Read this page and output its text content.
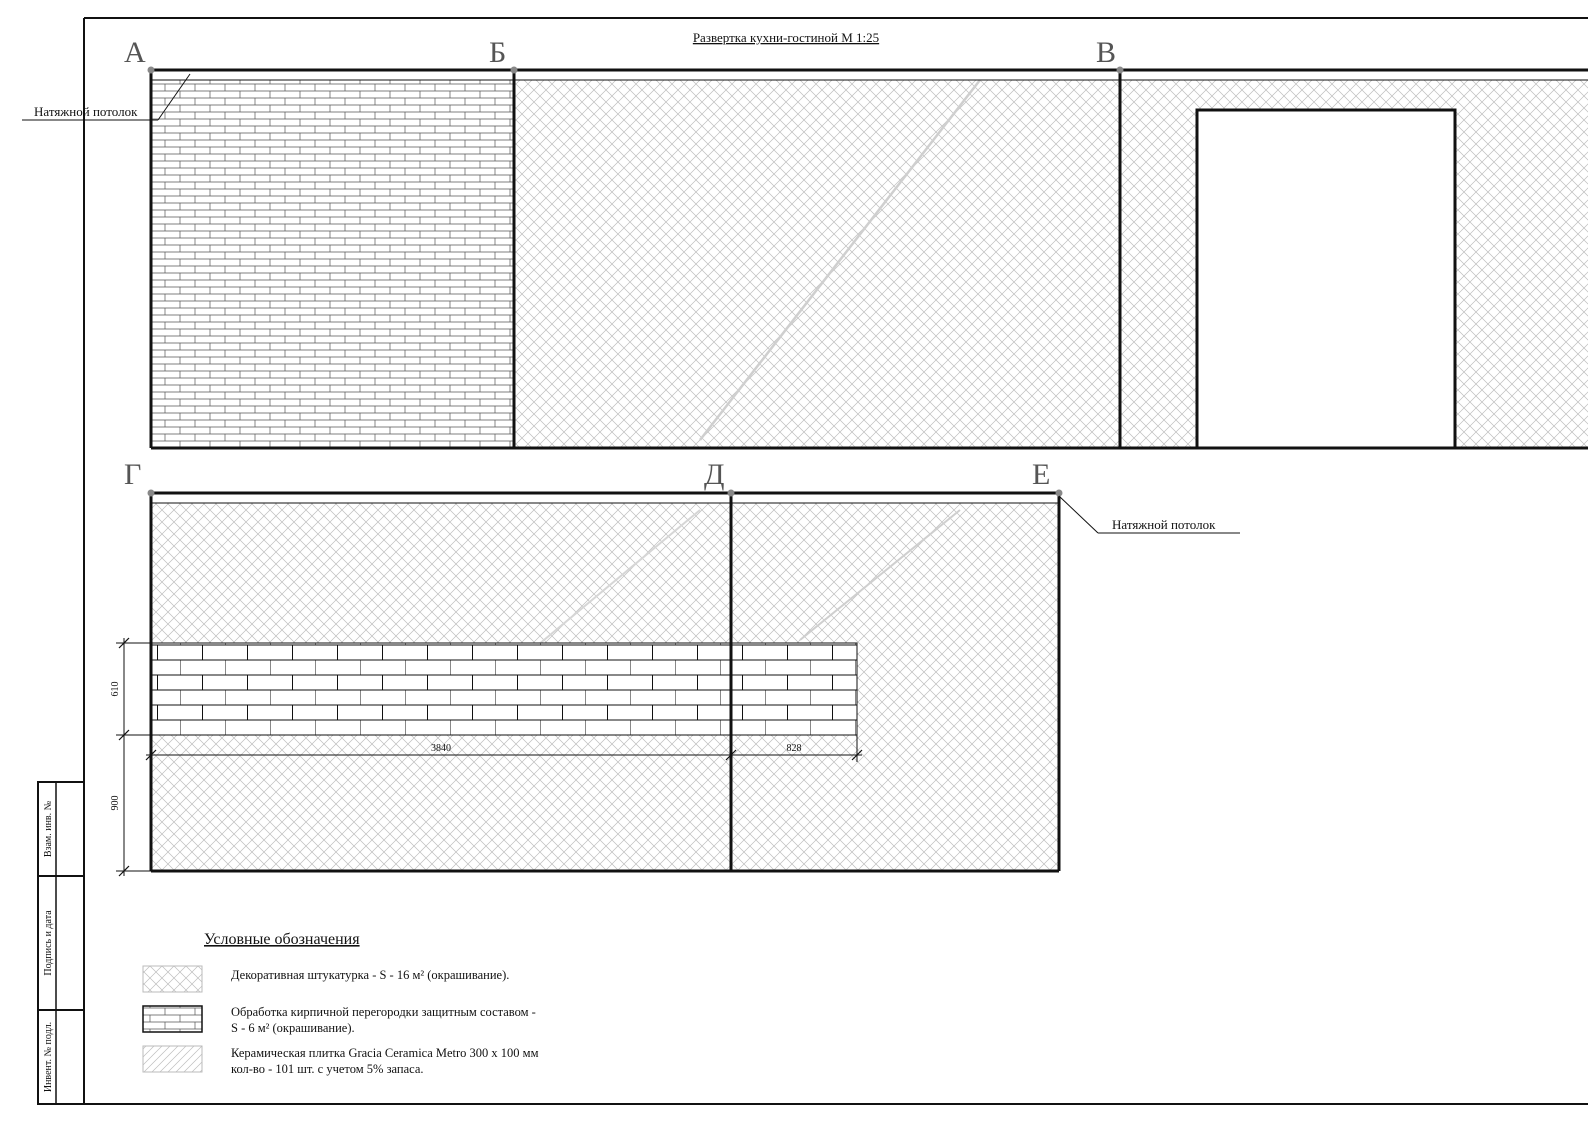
Взам. инв. №
Подпись и дата
Инвент. № подл.
Развертка кухни-гостиной М 1:25
610
900
3840	828
А	Б	В
Г	Д	Е
Натяжной потолок
Натяжной потолок
Условные обозначения
Декоративная штукатурка - S - 16 м² (окрашивание).
Обработка кирпичной перегородки защитным составом -
S - 6 м² (окрашивание).
Керамическая плитка Gracia Ceramica Metro 300 х 100 мм
кол-во - 101 шт. с учетом 5% запаса.
